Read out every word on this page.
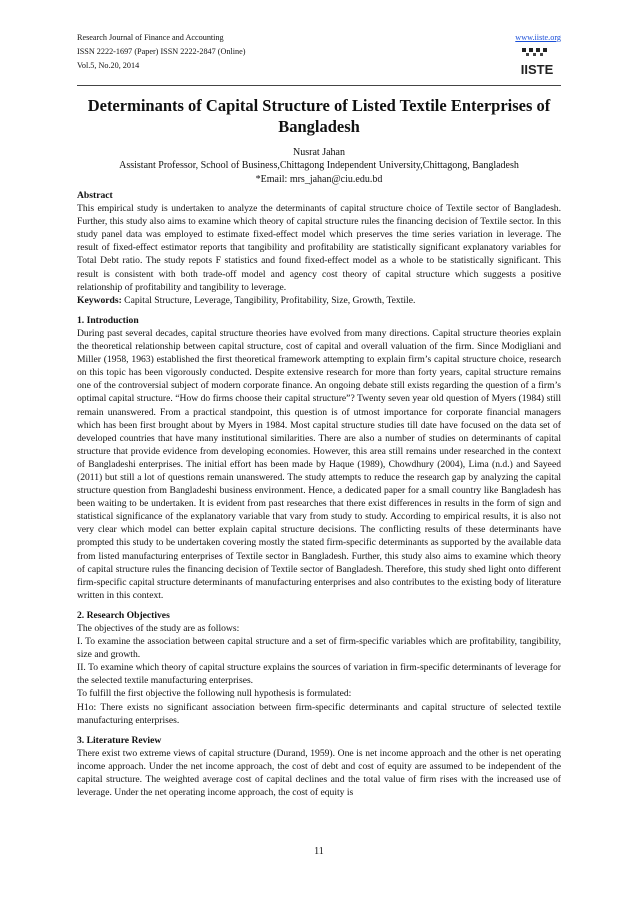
Research Journal of Finance and Accounting	www.iiste.org
ISSN 2222-1697 (Paper) ISSN 2222-2847 (Online)
Vol.5, No.20, 2014	IISTE
Determinants of Capital Structure of Listed Textile Enterprises of Bangladesh
Nusrat Jahan
Assistant Professor, School of Business,Chittagong Independent University,Chittagong, Bangladesh
*Email: mrs_jahan@ciu.edu.bd

Abstract

This empirical study is undertaken to analyze the determinants of capital structure choice of Textile sector of Bangladesh. Further, this study also aims to examine which theory of capital structure rules the financing decision of Textile sector. In this study panel data was employed to estimate fixed-effect model which preserves the time series variation in leverage. The result of fixed-effect estimator reports that tangibility and profitability are statistically significant explanatory variables for Total Debt ratio. The study repots F statistics and found fixed-effect model as a whole to be statistically significant. This result is consistent with both trade-off model and agency cost theory of capital structure which suggests a positive relationship of profitability and tangibility to leverage.

Keywords: Capital Structure, Leverage, Tangibility, Profitability, Size, Growth, Textile.

1. Introduction

During past several decades, capital structure theories have evolved from many directions. Capital structure theories explain the theoretical relationship between capital structure, cost of capital and overall valuation of the firm. Since Modigliani and Miller (1958, 1963) established the first theoretical framework attempting to explain firm’s capital structure choice, research on this topic has been vigorously conducted. Despite extensive research for more than forty years, capital structure remains one of the controversial subject of modern corporate finance. An ongoing debate still exists regarding the question of a firm’s optimal capital structure. “How do firms choose their capital structure”? Twenty seven year old question of Myers (1984) still remain unanswered. From a practical standpoint, this question is of utmost importance for corporate financial managers which has been first brought about by Myers in 1984. Most capital structure studies till date have focused on the data set of developed countries that have many institutional similarities. There are also a number of studies on determinants of capital structure that provide evidence from developing economies. However, this area still remains under researched in the context of Bangladeshi enterprises. The initial effort has been made by Haque (1989), Chowdhury (2004), Lima (n.d.) and Sayeed (2011) but still a lot of questions remain unanswered. The study attempts to reduce the research gap by analyzing the capital structure question from Bangladeshi business environment. Hence, a dedicated paper for a small country like Bangladesh has been waiting to be undertaken. It is evident from past researches that there exist differences in results in the form of sign and statistical significance of the explanatory variable that vary from study to study. According to empirical results, it is also not very clear which model can better explain capital structure decisions. The conflicting results of these determinants have prompted this study to be undertaken covering mostly the stated firm-specific determinants as supported by the available data from listed manufacturing enterprises of Textile sector in Bangladesh. Further, this study also aims to examine which theory of capital structure rules the financing decision of Textile sector of Bangladesh. Therefore, this study shed light onto different firm-specific capital structure determinants of manufacturing enterprises and also contributes to the existing body of literature written in this context.

2. Research Objectives

The objectives of the study are as follows:

I. To examine the association between capital structure and a set of firm-specific variables which are profitability, tangibility, size and growth.

II. To examine which theory of capital structure explains the sources of variation in firm-specific determinants of leverage for the selected textile manufacturing enterprises.

To fulfill the first objective the following null hypothesis is formulated:

H1o: There exists no significant association between firm-specific determinants and capital structure of selected textile manufacturing enterprises.

3. Literature Review

There exist two extreme views of capital structure (Durand, 1959). One is net income approach and the other is net operating income approach. Under the net income approach, the cost of debt and cost of equity are assumed to be independent of the capital structure. The weighted average cost of capital declines and the total value of firm rises with the increased use of leverage. Under the net operating income approach, the cost of equity is

11
